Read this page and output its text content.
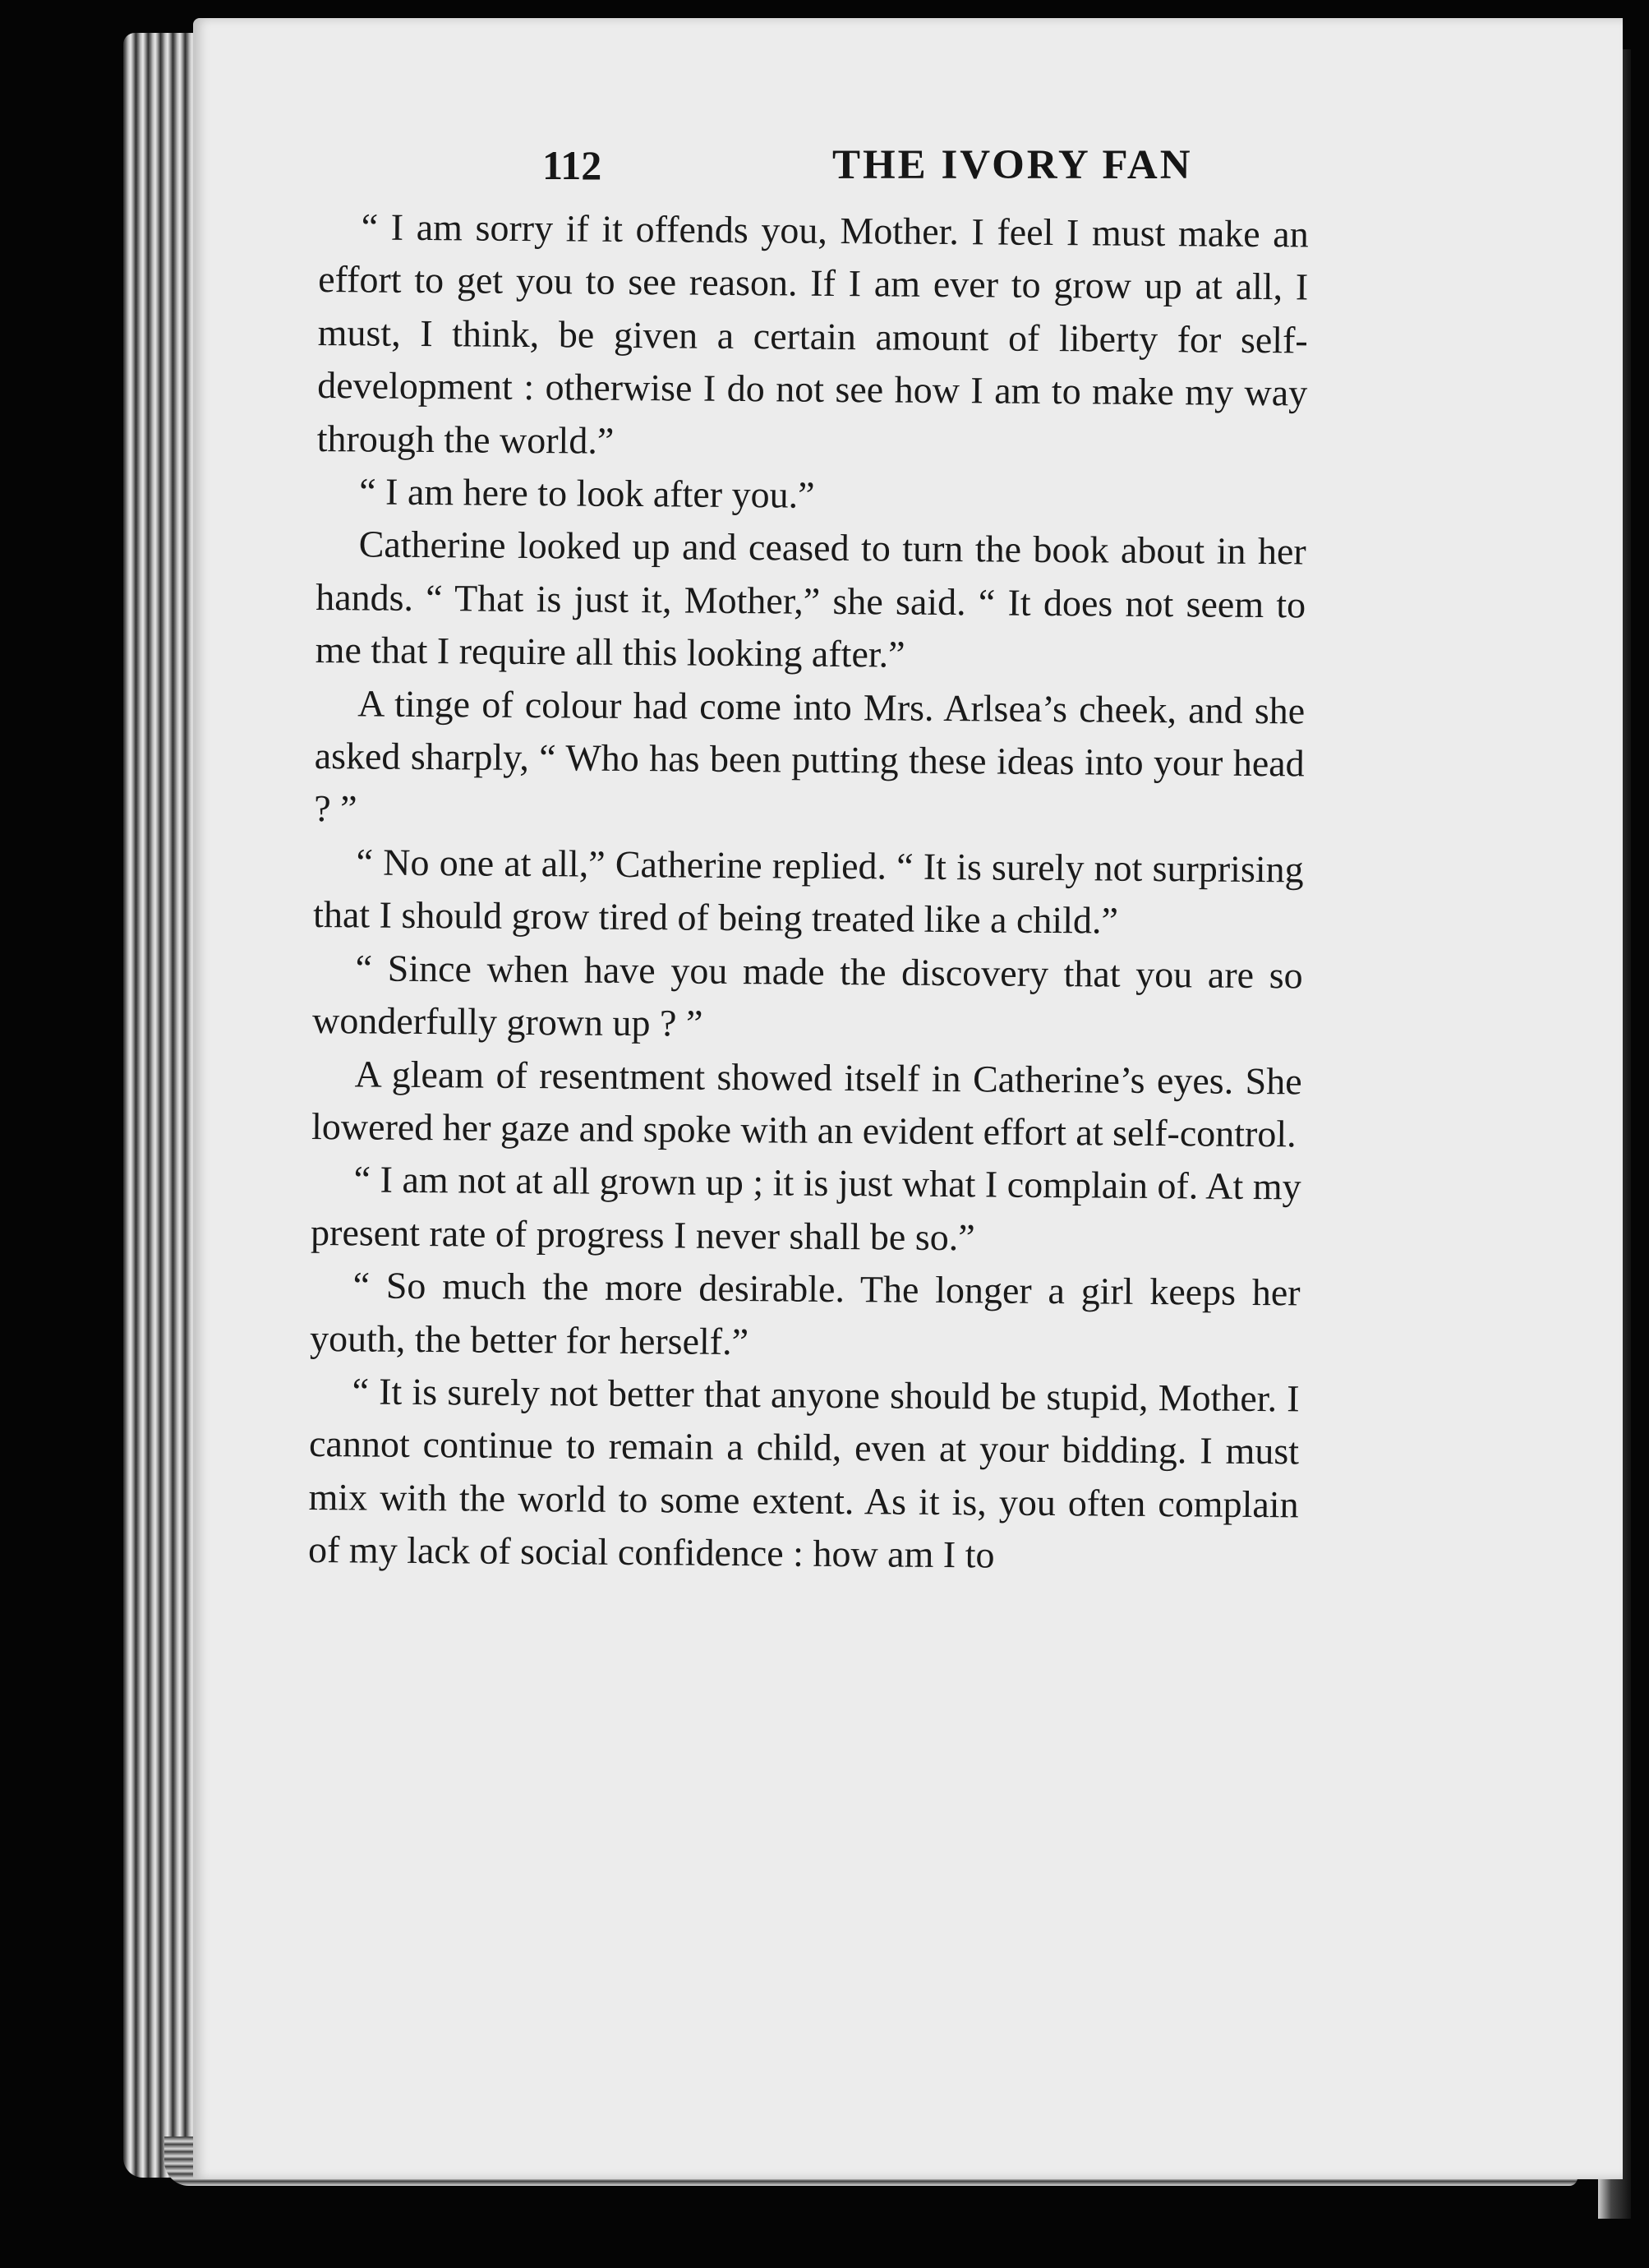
112	THE IVORY FAN

“ I am sorry if it offends you, Mother. I feel I must make an effort to get you to see reason. If I am ever to grow up at all, I must, I think, be given a certain amount of liberty for self-development : otherwise I do not see how I am to make my way through the world.”

“ I am here to look after you.”

Catherine looked up and ceased to turn the book about in her hands. “ That is just it, Mother,” she said. “ It does not seem to me that I require all this looking after.”

A tinge of colour had come into Mrs. Arlsea’s cheek, and she asked sharply, “ Who has been putting these ideas into your head ? ”

“ No one at all,” Catherine replied. “ It is surely not surprising that I should grow tired of being treated like a child.”

“ Since when have you made the discovery that you are so wonderfully grown up ? ”

A gleam of resentment showed itself in Catherine’s eyes. She lowered her gaze and spoke with an evident effort at self-control.

“ I am not at all grown up ; it is just what I complain of. At my present rate of progress I never shall be so.”

“ So much the more desirable. The longer a girl keeps her youth, the better for herself.”

“ It is surely not better that anyone should be stupid, Mother. I cannot continue to remain a child, even at your bidding. I must mix with the world to some extent. As it is, you often complain of my lack of social confidence : how am I to
